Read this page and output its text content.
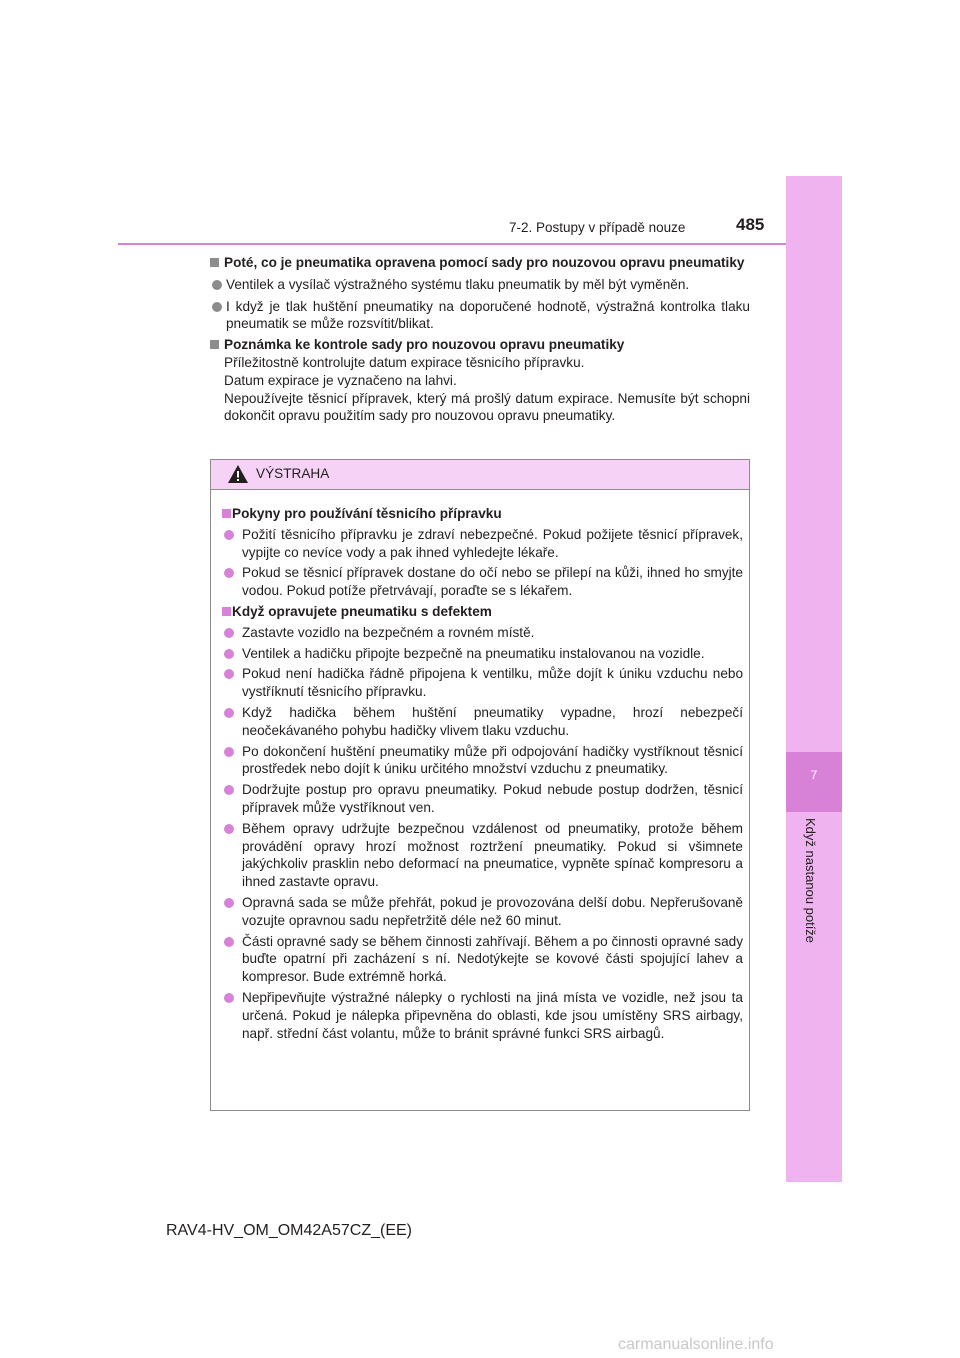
7
Když nastanou potíže
7-2. Postupy v případě nouze	485
Poté, co je pneumatika opravena pomocí sady pro nouzovou opravu pneumatiky
Ventilek a vysílač výstražného systému tlaku pneumatik by měl být vyměněn.
I když je tlak huštění pneumatiky na doporučené hodnotě, výstražná kontrolka tlaku pneumatik se může rozsvítit/blikat.
Poznámka ke kontrole sady pro nouzovou opravu pneumatiky
Příležitostně kontrolujte datum expirace těsnicího přípravku.
Datum expirace je vyznačeno na lahvi.
Nepoužívejte těsnicí přípravek, který má prošlý datum expirace. Nemusíte být schopni dokončit opravu použitím sady pro nouzovou opravu pneumatiky.
VÝSTRAHA
Pokyny pro používání těsnicího přípravku
Požití těsnicího přípravku je zdraví nebezpečné. Pokud požijete těsnicí přípravek, vypijte co nevíce vody a pak ihned vyhledejte lékaře.
Pokud se těsnicí přípravek dostane do očí nebo se přilepí na kůži, ihned ho smyjte vodou. Pokud potíže přetrvávají, poraďte se s lékařem.
Když opravujete pneumatiku s defektem
Zastavte vozidlo na bezpečném a rovném místě.
Ventilek a hadičku připojte bezpečně na pneumatiku instalovanou na vozidle.
Pokud není hadička řádně připojena k ventilku, může dojít k úniku vzduchu nebo vystříknutí těsnicího přípravku.
Když hadička během huštění pneumatiky vypadne, hrozí nebezpečí neočekávaného pohybu hadičky vlivem tlaku vzduchu.
Po dokončení huštění pneumatiky může při odpojování hadičky vystříknout těsnicí prostředek nebo dojít k úniku určitého množství vzduchu z pneumatiky.
Dodržujte postup pro opravu pneumatiky. Pokud nebude postup dodržen, těsnicí přípravek může vystříknout ven.
Během opravy udržujte bezpečnou vzdálenost od pneumatiky, protože během provádění opravy hrozí možnost roztržení pneumatiky. Pokud si všimnete jakýchkoliv prasklin nebo deformací na pneumatice, vypněte spínač kompresoru a ihned zastavte opravu.
Opravná sada se může přehřát, pokud je provozována delší dobu. Nepřerušovaně vozujte opravnou sadu nepřetržitě déle než 60 minut.
Části opravné sady se během činnosti zahřívají. Během a po činnosti opravné sady buďte opatrní při zacházení s ní. Nedotýkejte se kovové části spojující lahev a kompresor. Bude extrémně horká.
Nepřipevňujte výstražné nálepky o rychlosti na jiná místa ve vozidle, než jsou ta určená. Pokud je nálepka připevněna do oblasti, kde jsou umístěny SRS airbagy, např. střední část volantu, může to bránit správné funkci SRS airbagů.
RAV4-HV_OM_OM42A57CZ_(EE)
carmanualsonline.info
